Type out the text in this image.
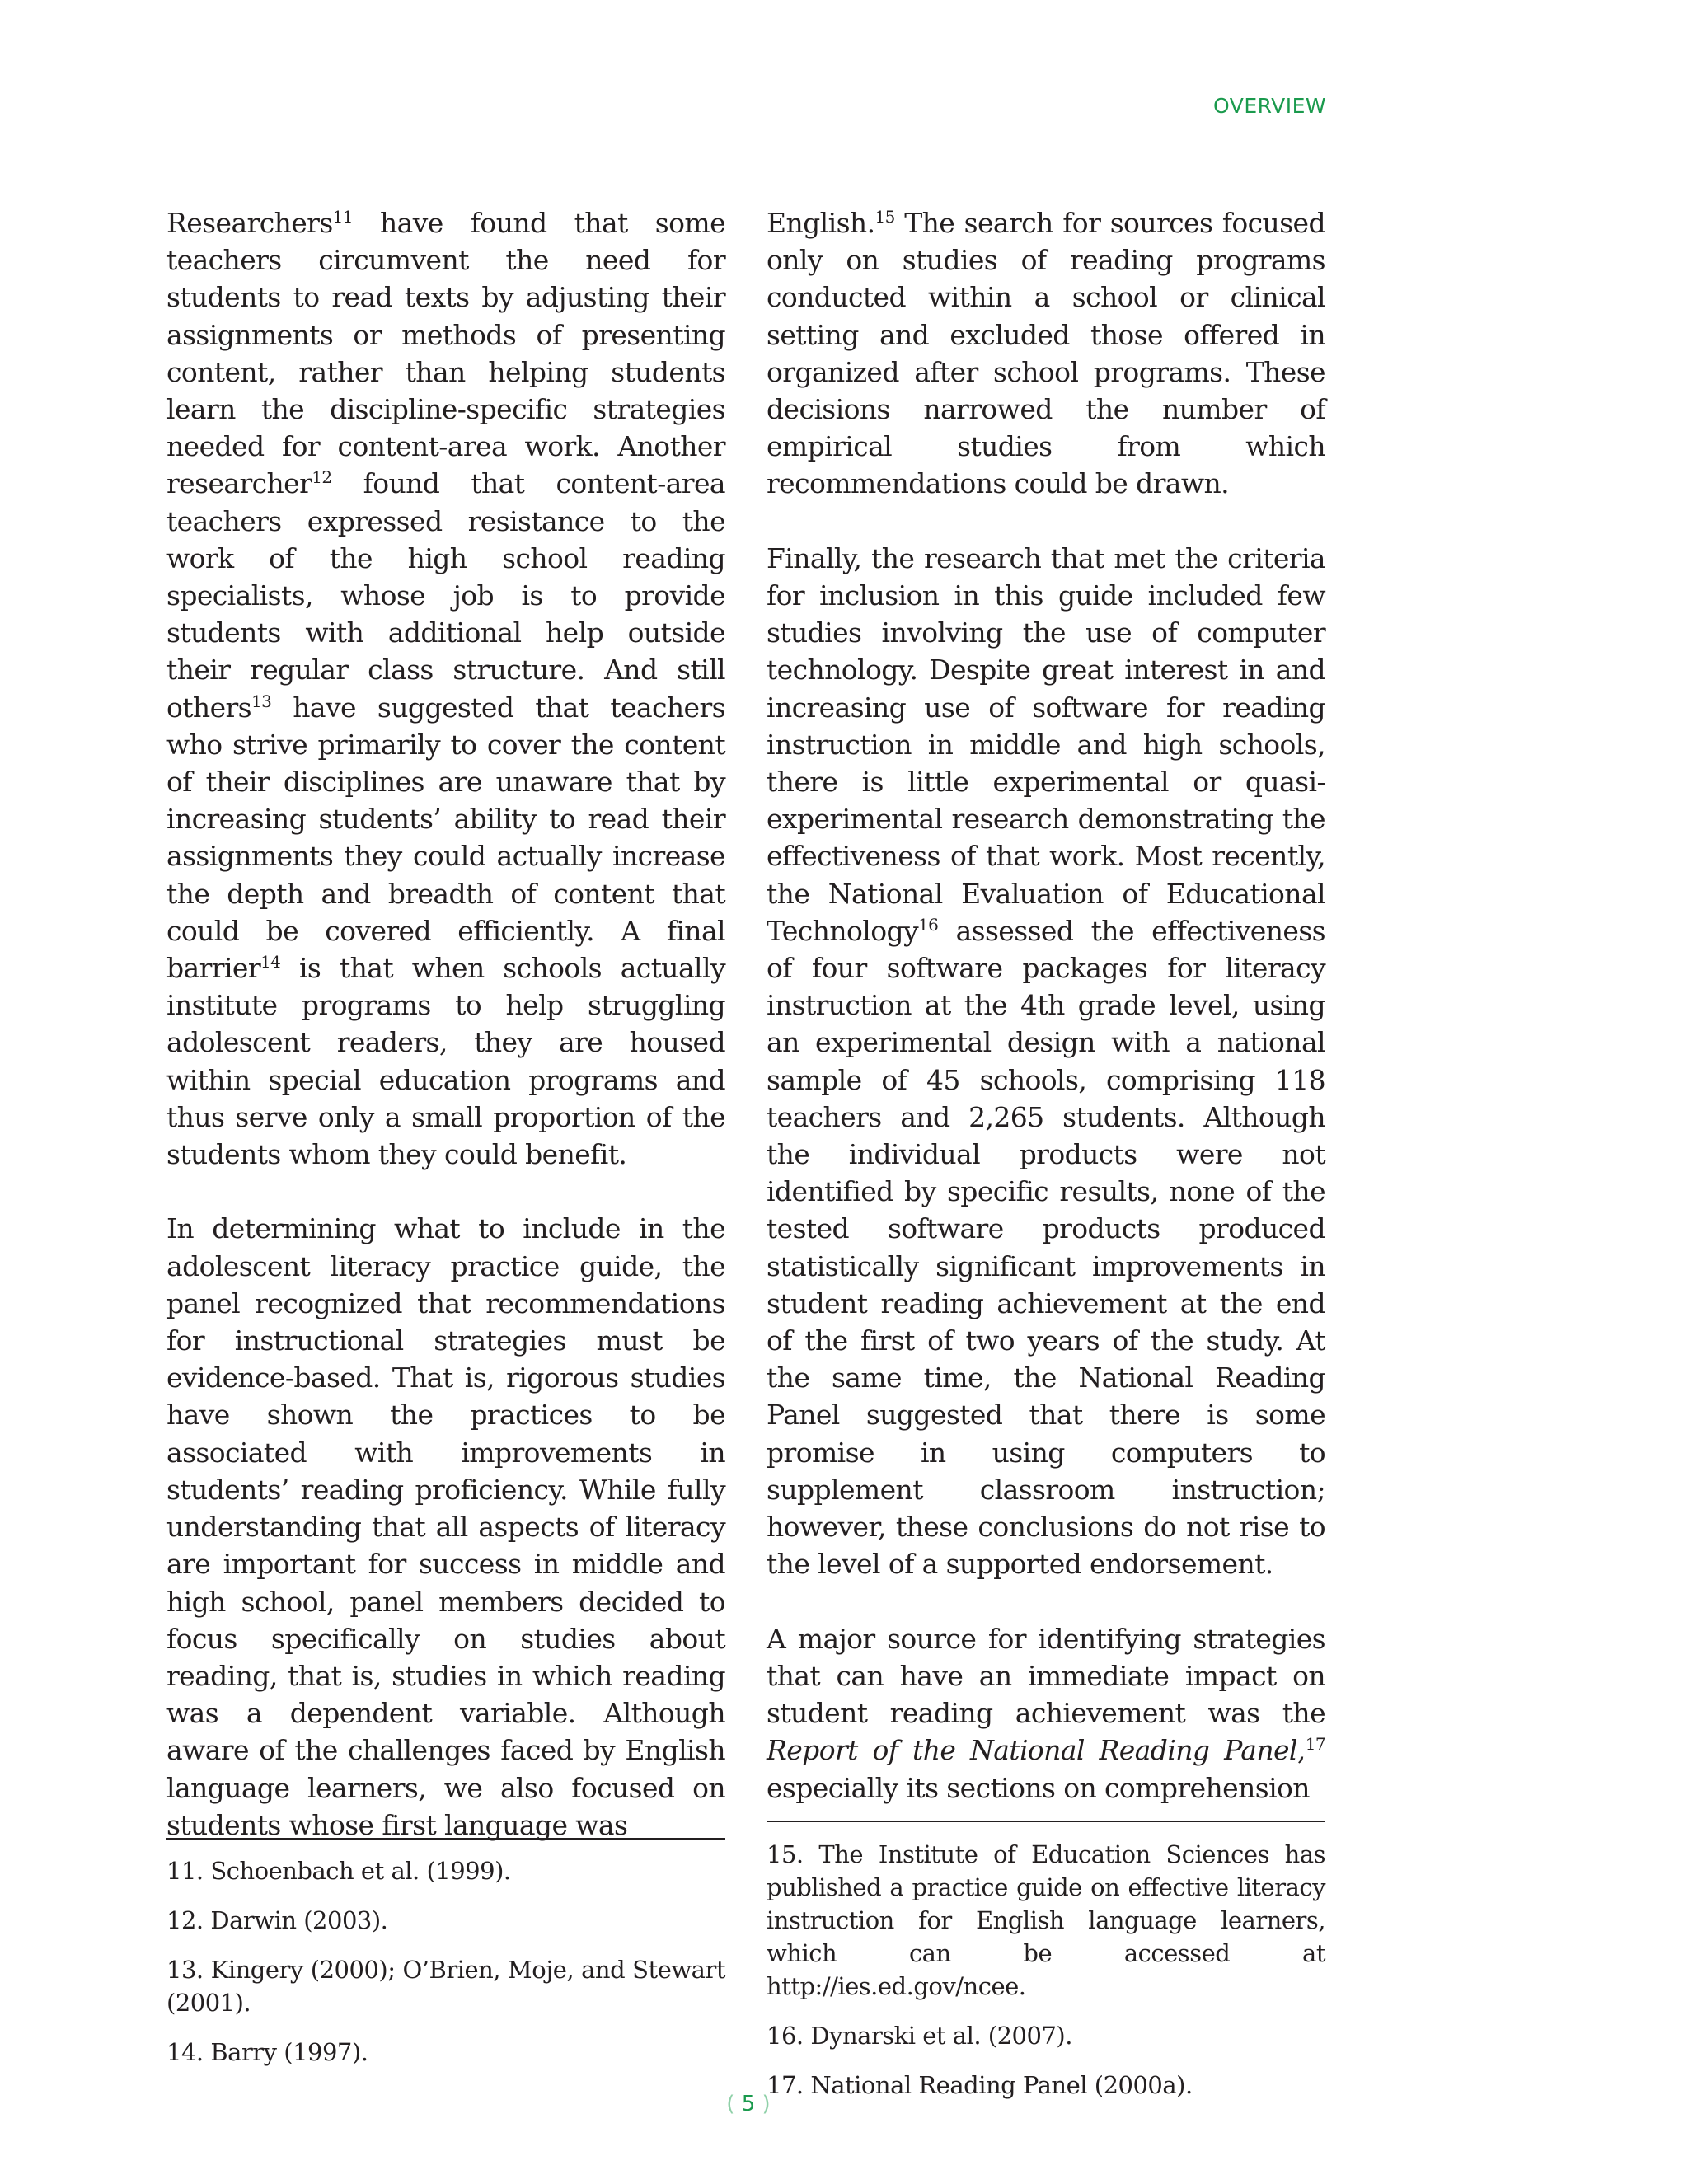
OVERVIEW

Researchers$^{11}$ have found that some teachers circumvent the need for students to read texts by adjusting their assignments or methods of presenting content, rather than helping students learn the discipline-specific strategies needed for content-area work. Another researcher$^{12}$ found that content-area teachers expressed resistance to the work of the high school reading specialists, whose job is to provide students with additional help outside their regular class structure. And still others$^{13}$ have suggested that teachers who strive primarily to cover the content of their disciplines are unaware that by increasing students’ ability to read their assignments they could actually increase the depth and breadth of content that could be covered efficiently. A final barrier$^{14}$ is that when schools actually institute programs to help struggling adolescent readers, they are housed within special education programs and thus serve only a small proportion of the students whom they could benefit.

In determining what to include in the adolescent literacy practice guide, the panel recognized that recommendations for instructional strategies must be evidence-based. That is, rigorous studies have shown the practices to be associated with improvements in students’ reading proficiency. While fully understanding that all aspects of literacy are important for success in middle and high school, panel members decided to focus specifically on studies about reading, that is, studies in which reading was a dependent variable. Although aware of the challenges faced by English language learners, we also focused on students whose first language was

English.$^{15}$ The search for sources focused only on studies of reading programs conducted within a school or clinical setting and excluded those offered in organized after school programs. These decisions narrowed the number of empirical studies from which recommendations could be drawn.

Finally, the research that met the criteria for inclusion in this guide included few studies involving the use of computer technology. Despite great interest in and increasing use of software for reading instruction in middle and high schools, there is little experimental or quasi-experimental research demonstrating the effectiveness of that work. Most recently, the National Evaluation of Educational Technology$^{16}$ assessed the effectiveness of four software packages for literacy instruction at the 4th grade level, using an experimental design with a national sample of 45 schools, comprising 118 teachers and 2,265 students. Although the individual products were not identified by specific results, none of the tested software products produced statistically significant improvements in student reading achievement at the end of the first of two years of the study. At the same time, the National Reading Panel suggested that there is some promise in using computers to supplement classroom instruction; however, these conclusions do not rise to the level of a supported endorsement.

A major source for identifying strategies that can have an immediate impact on student reading achievement was the Report of the National Reading Panel,$^{17}$ especially its sections on comprehension

11. Schoenbach et al. (1999).

12. Darwin (2003).

13. Kingery (2000); O’Brien, Moje, and Stewart (2001).

14. Barry (1997).

15. The Institute of Education Sciences has published a practice guide on effective literacy instruction for English language learners, which can be accessed at http://ies.ed.gov/ncee.

16. Dynarski et al. (2007).

17. National Reading Panel (2000a).

( 5 )
